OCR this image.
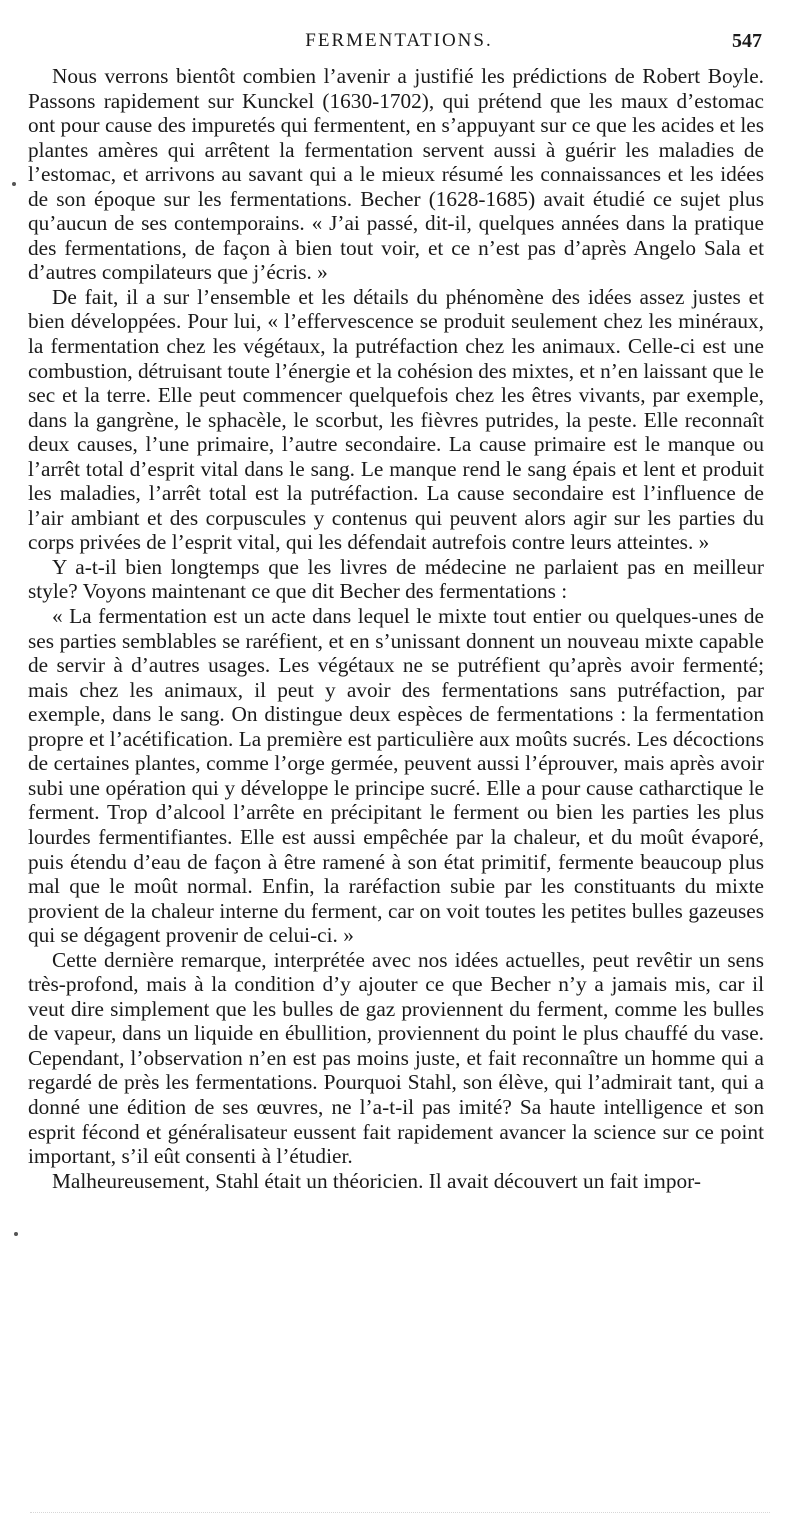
FERMENTATIONS.	547

Nous verrons bientôt combien l’avenir a justifié les prédictions de Robert Boyle. Passons rapidement sur Kunckel (1630-1702), qui prétend que les maux d’estomac ont pour cause des impuretés qui fermentent, en s’appuyant sur ce que les acides et les plantes amères qui arrêtent la fermentation servent aussi à guérir les maladies de l’estomac, et arrivons au savant qui a le mieux résumé les connaissances et les idées de son époque sur les fermentations. Becher (1628-1685) avait étudié ce sujet plus qu’aucun de ses contemporains. « J’ai passé, dit-il, quelques années dans la pratique des fermentations, de façon à bien tout voir, et ce n’est pas d’après Angelo Sala et d’autres compilateurs que j’écris. »

De fait, il a sur l’ensemble et les détails du phénomène des idées assez justes et bien développées. Pour lui, « l’effervescence se produit seulement chez les minéraux, la fermentation chez les végétaux, la putréfaction chez les animaux. Celle-ci est une combustion, détruisant toute l’énergie et la cohésion des mixtes, et n’en laissant que le sec et la terre. Elle peut commencer quelquefois chez les êtres vivants, par exemple, dans la gangrène, le sphacèle, le scorbut, les fièvres putrides, la peste. Elle reconnaît deux causes, l’une primaire, l’autre secondaire. La cause primaire est le manque ou l’arrêt total d’esprit vital dans le sang. Le manque rend le sang épais et lent et produit les maladies, l’arrêt total est la putréfaction. La cause secondaire est l’influence de l’air ambiant et des corpuscules y contenus qui peuvent alors agir sur les parties du corps privées de l’esprit vital, qui les défendait autrefois contre leurs atteintes. »

Y a-t-il bien longtemps que les livres de médecine ne parlaient pas en meilleur style? Voyons maintenant ce que dit Becher des fermentations :

« La fermentation est un acte dans lequel le mixte tout entier ou quelques-unes de ses parties semblables se raréfient, et en s’unissant donnent un nouveau mixte capable de servir à d’autres usages. Les végétaux ne se putréfient qu’après avoir fermenté; mais chez les animaux, il peut y avoir des fermentations sans putréfaction, par exemple, dans le sang. On distingue deux espèces de fermentations : la fermentation propre et l’acétification. La première est particulière aux moûts sucrés. Les décoctions de certaines plantes, comme l’orge germée, peuvent aussi l’éprouver, mais après avoir subi une opération qui y développe le principe sucré. Elle a pour cause catharctique le ferment. Trop d’alcool l’arrête en précipitant le ferment ou bien les parties les plus lourdes fermentifiantes. Elle est aussi empêchée par la chaleur, et du moût évaporé, puis étendu d’eau de façon à être ramené à son état primitif, fermente beaucoup plus mal que le moût normal. Enfin, la raréfaction subie par les constituants du mixte provient de la chaleur interne du ferment, car on voit toutes les petites bulles gazeuses qui se dégagent provenir de celui-ci. »

Cette dernière remarque, interprétée avec nos idées actuelles, peut revêtir un sens très-profond, mais à la condition d’y ajouter ce que Becher n’y a jamais mis, car il veut dire simplement que les bulles de gaz proviennent du ferment, comme les bulles de vapeur, dans un liquide en ébullition, proviennent du point le plus chauffé du vase. Cependant, l’observation n’en est pas moins juste, et fait reconnaître un homme qui a regardé de près les fermentations. Pourquoi Stahl, son élève, qui l’admirait tant, qui a donné une édition de ses œuvres, ne l’a-t-il pas imité? Sa haute intelligence et son esprit fécond et généralisateur eussent fait rapidement avancer la science sur ce point important, s’il eût consenti à l’étudier.

Malheureusement, Stahl était un théoricien. Il avait découvert un fait impor-
